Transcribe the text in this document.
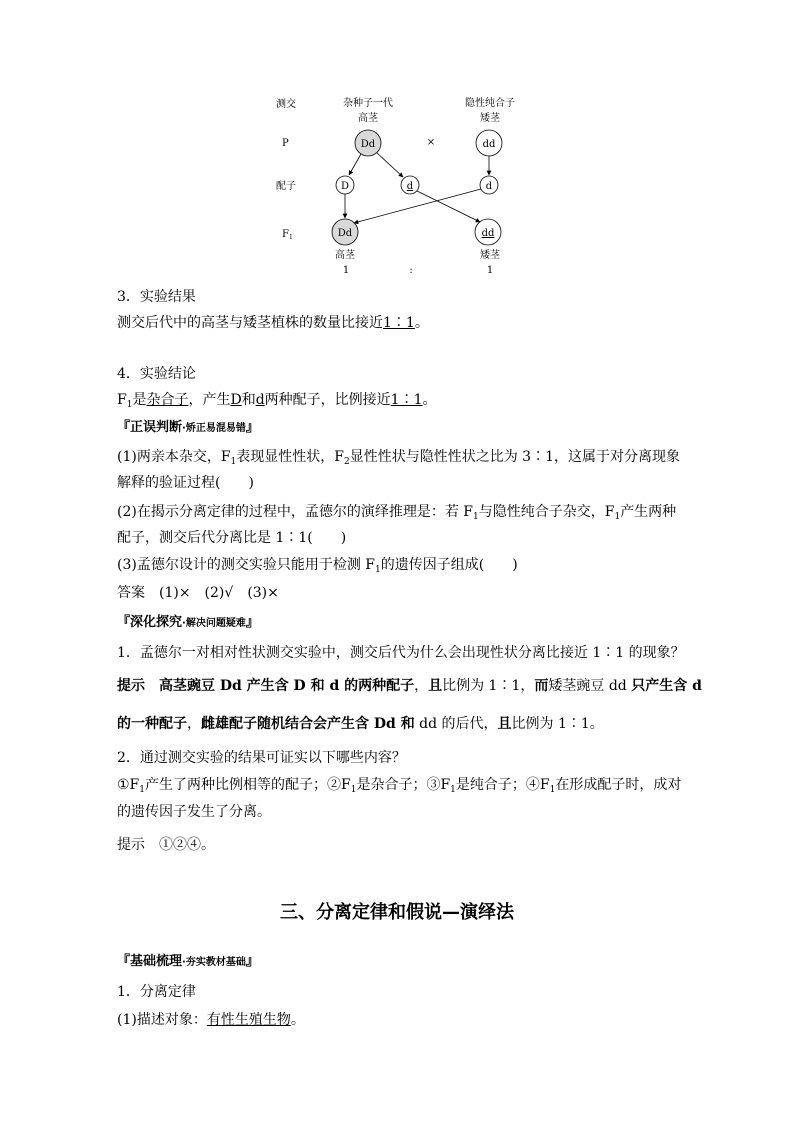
测交	杂种子一代
高茎
隐性纯合子
矮茎
P	Dd	×	dd
配子	D	d	d
$F_1$	Dd	dd
高茎	矮茎
1	:	1
3．实验结果
测交后代中的高茎与矮茎植株的数量比接近1∶1。
4．实验结论
$F_1$是杂合子，产生D和d两种配子，比例接近1∶1。
『正误判断·矫正易混易错』
(1)两亲本杂交，$F_1$表现显性性状，$F_2$显性性状与隐性性状之比为 3∶1，这属于对分离现象
解释的验证过程(　　)
(2)在揭示分离定律的过程中，孟德尔的演绎推理是：若 $F_1$与隐性纯合子杂交，$F_1$产生两种
配子，测交后代分离比是 1∶1(　　)
(3)孟德尔设计的测交实验只能用于检测 $F_1$的遗传因子组成(　　)
答案　(1)×　(2)√　(3)×
『深化探究·解决问题疑难』
1．孟德尔一对相对性状测交实验中，测交后代为什么会出现性状分离比接近 1∶1 的现象？
提示　 高茎豌豆 Dd 产生含 D 和 d 的两种配子，且比例为 1∶1，而矮茎豌豆 dd 只产生含 d
的一种配子，雌雄配子随机结合会产生含 Dd 和 dd 的后代，且比例为 1∶1。
2．通过测交实验的结果可证实以下哪些内容？
$①F_1$产生了两种比例相等的配子；$②F_1$是杂合子；$③F_1$是纯合子；$④F_1$在形成配子时，成对
的遗传因子发生了分离。
提示　①②④。
三、分离定律和假说—演绎法
『基础梳理·夯实教材基础』
1．分离定律
(1)描述对象：有性生殖生物。
